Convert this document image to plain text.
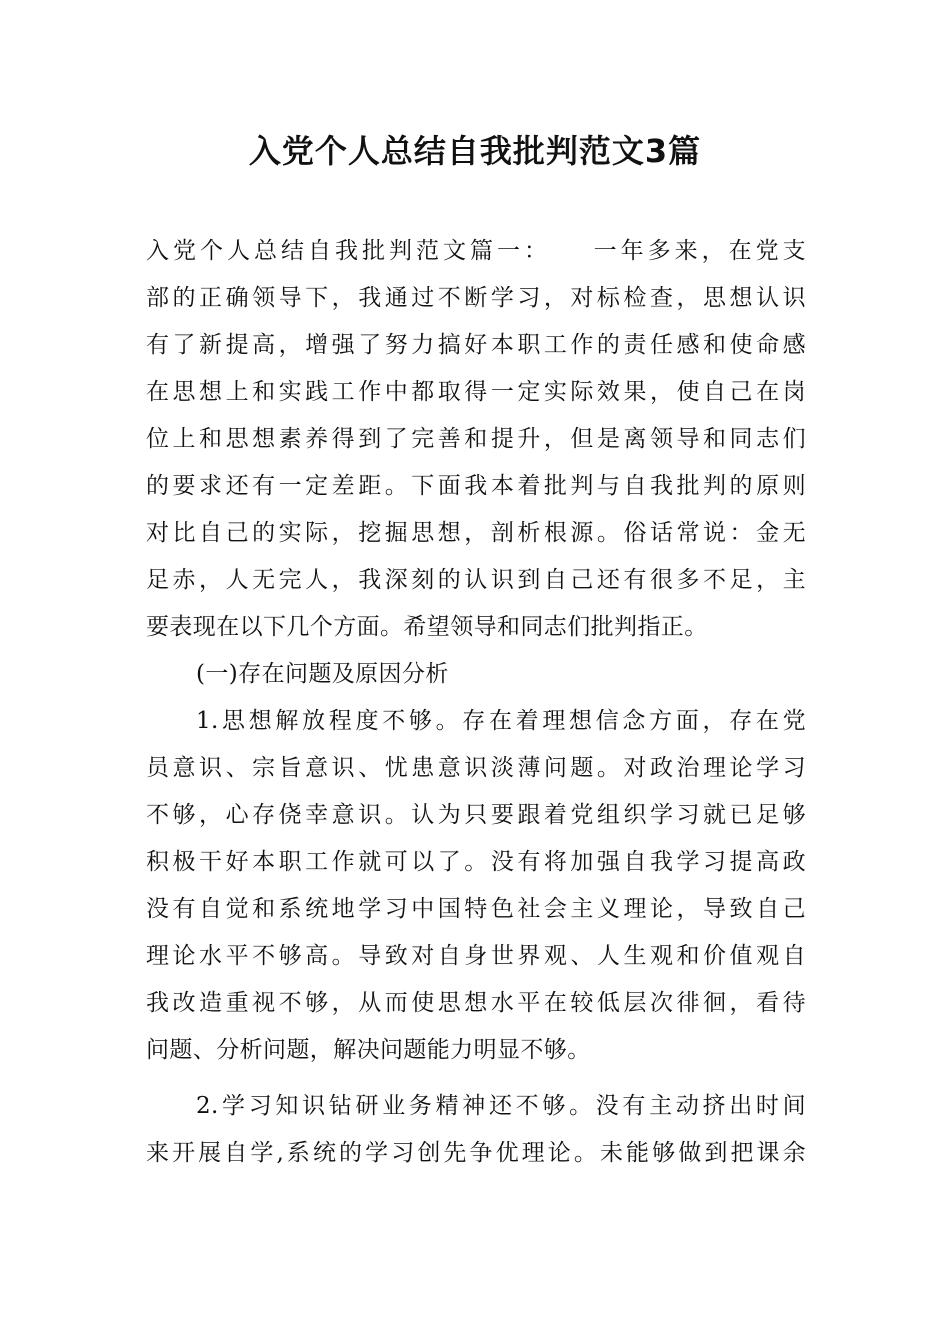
入党个人总结自我批判范文3篇
入党个人总结自我批判范文篇一：　　一年多来，在党支
部的正确领导下，我通过不断学习，对标检查，思想认识
有了新提高，增强了努力搞好本职工作的责任感和使命感
在思想上和实践工作中都取得一定实际效果，使自己在岗
位上和思想素养得到了完善和提升，但是离领导和同志们
的要求还有一定差距。下面我本着批判与自我批判的原则
对比自己的实际，挖掘思想，剖析根源。俗话常说：金无
足赤，人无完人，我深刻的认识到自己还有很多不足，主
要表现在以下几个方面。希望领导和同志们批判指正。
(一)存在问题及原因分析
1.思想解放程度不够。存在着理想信念方面，存在党
员意识、宗旨意识、忧患意识淡薄问题。对政治理论学习
不够，心存侥幸意识。认为只要跟着党组织学习就已足够
积极干好本职工作就可以了。没有将加强自我学习提高政
没有自觉和系统地学习中国特色社会主义理论，导致自己
理论水平不够高。导致对自身世界观、人生观和价值观自
我改造重视不够，从而使思想水平在较低层次徘徊，看待
问题、分析问题，解决问题能力明显不够。
2.学习知识钻研业务精神还不够。没有主动挤出时间
来开展自学,系统的学习创先争优理论。未能够做到把课余
